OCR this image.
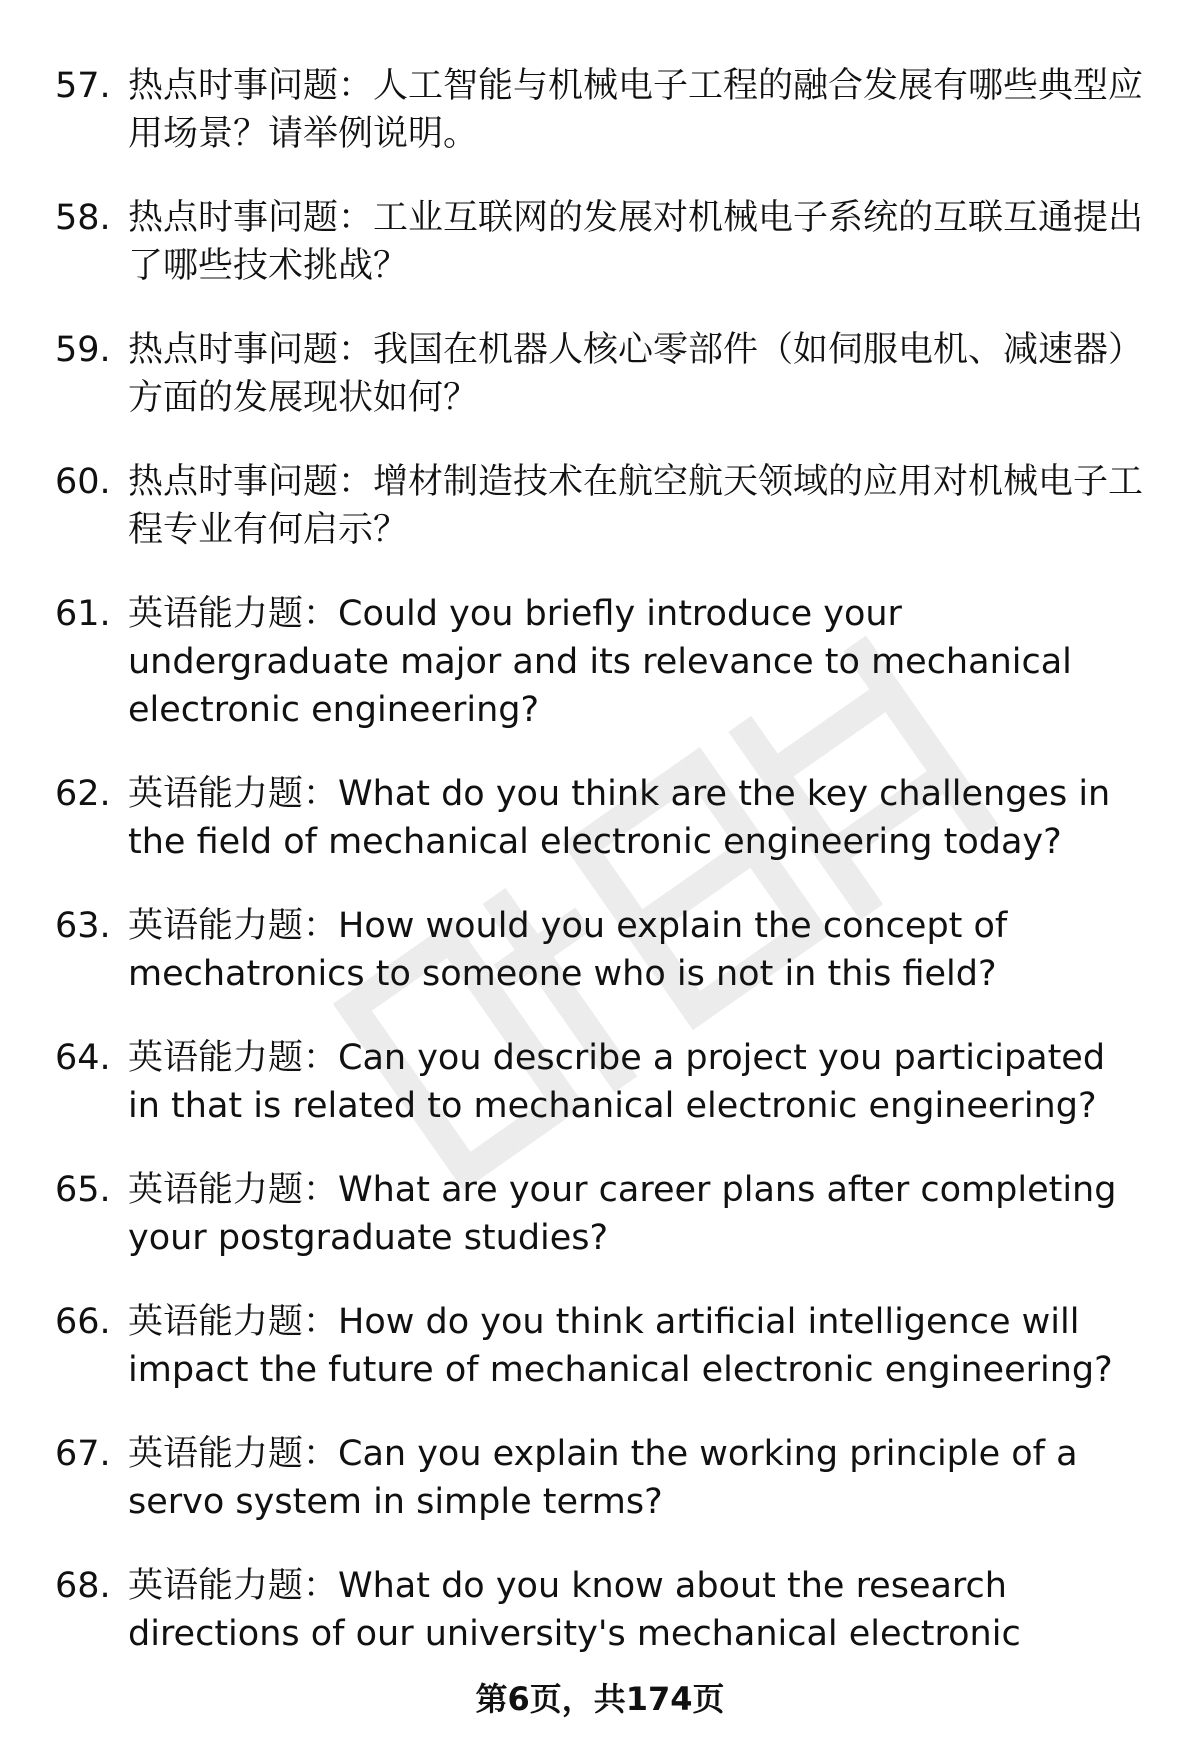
57. 热点时事问题：人工智能与机械电子工程的融合发展有哪些典型应用场景？请举例说明。
58. 热点时事问题：工业互联网的发展对机械电子系统的互联互通提出了哪些技术挑战？
59. 热点时事问题：我国在机器人核心零部件（如伺服电机、减速器）方面的发展现状如何？
60. 热点时事问题：增材制造技术在航空航天领域的应用对机械电子工程专业有何启示？
61. 英语能力题：Could you briefly introduce your undergraduate major and its relevance to mechanical electronic engineering?
62. 英语能力题：What do you think are the key challenges in the field of mechanical electronic engineering today?
63. 英语能力题：How would you explain the concept of mechatronics to someone who is not in this field?
64. 英语能力题：Can you describe a project you participated in that is related to mechanical electronic engineering?
65. 英语能力题：What are your career plans after completing your postgraduate studies?
66. 英语能力题：How do you think artificial intelligence will impact the future of mechanical electronic engineering?
67. 英语能力题：Can you explain the working principle of a servo system in simple terms?
68. 英语能力题：What do you know about the research directions of our university's mechanical electronic
第6页，共174页
